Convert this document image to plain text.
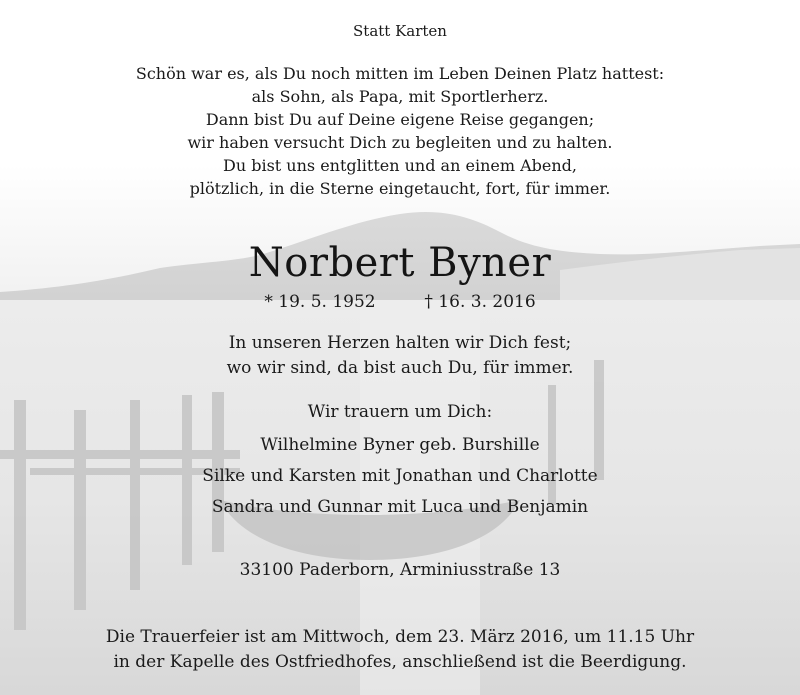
Statt Karten

Schön war es, als Du noch mitten im Leben Deinen Platz hattest:

als Sohn, als Papa, mit Sportlerherz.

Dann bist Du auf Deine eigene Reise gegangen;

wir haben versucht Dich zu begleiten und zu halten.

Du bist uns entglitten und an einem Abend,

plötzlich, in die Sterne eingetaucht, fort, für immer.

Norbert Byner

* 19. 5. 1952	† 16. 3. 2016

In unseren Herzen halten wir Dich fest;

wo wir sind, da bist auch Du, für immer.

Wir trauern um Dich:

Wilhelmine Byner geb. Burshille

Silke und Karsten mit Jonathan und Charlotte

Sandra und Gunnar mit Luca und Benjamin

33100 Paderborn, Arminiusstraße 13

Die Trauerfeier ist am Mittwoch, dem 23. März 2016, um 11.15 Uhr

in der Kapelle des Ostfriedhofes, anschließend ist die Beerdigung.
